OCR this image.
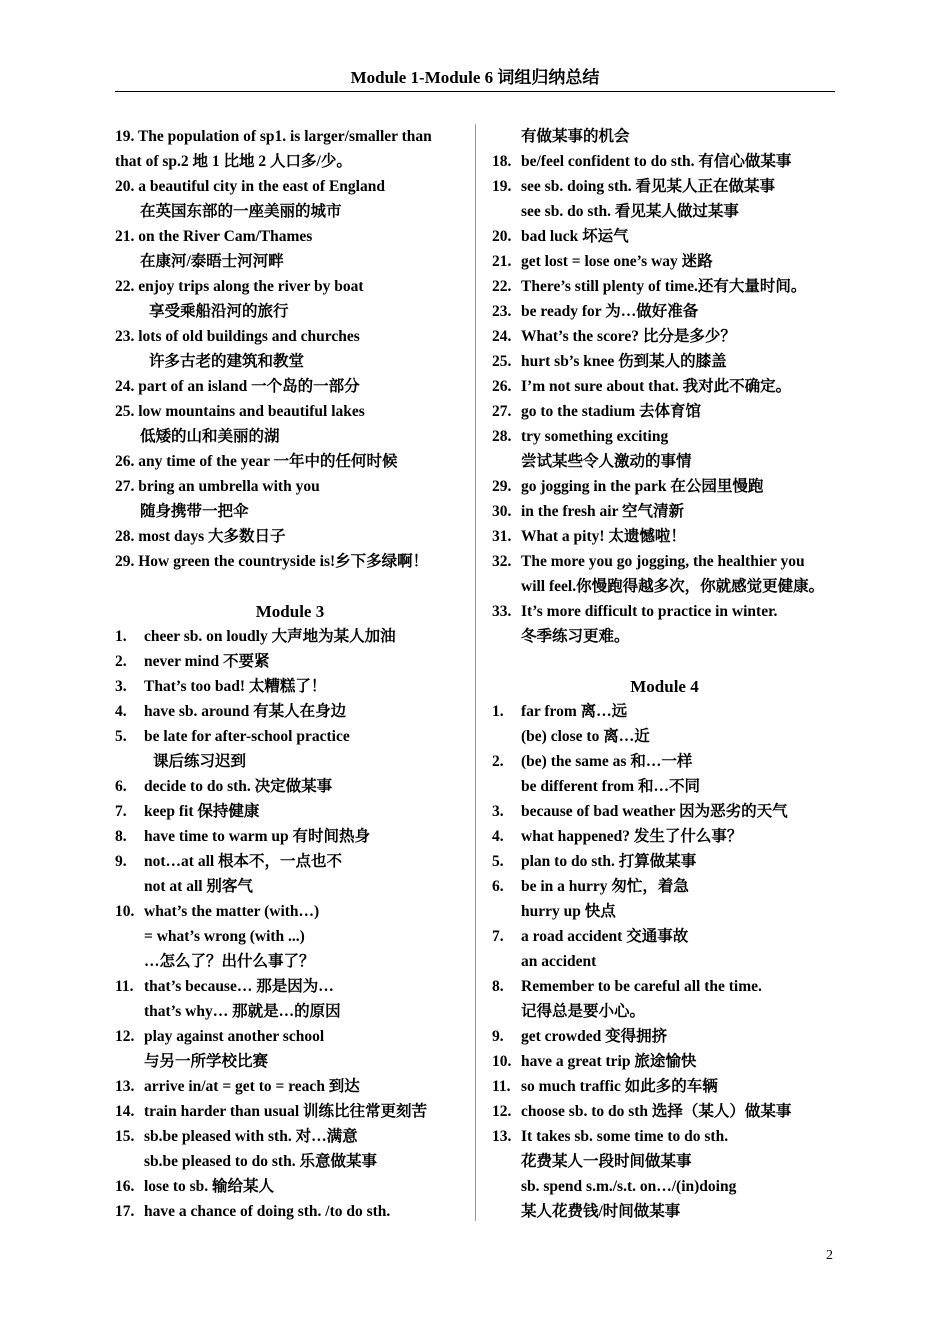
Module 1-Module 6 词组归纳总结
19. The population of sp1. is larger/smaller than
that of sp.2 地 1 比地 2 人口多/少。
20. a beautiful city in the east of England
在英国东部的一座美丽的城市
21. on the River Cam/Thames
在康河/泰晤士河河畔
22. enjoy trips along the river by boat
享受乘船沿河的旅行
23. lots of old buildings and churches
许多古老的建筑和教堂
24. part of an island 一个岛的一部分
25. low mountains and beautiful lakes
低矮的山和美丽的湖
26. any time of the year 一年中的任何时候
27. bring an umbrella with you
随身携带一把伞
28. most days 大多数日子
29. How green the countryside is!乡下多绿啊！
Module 3
1. cheer sb. on loudly 大声地为某人加油
2. never mind 不要紧
3. That’s too bad! 太糟糕了！
4. have sb. around 有某人在身边
5. be late for after-school practice
课后练习迟到
6. decide to do sth. 决定做某事
7. keep fit 保持健康
8. have time to warm up 有时间热身
9. not…at all 根本不，一点也不
not at all 别客气
10. what’s the matter (with…)
= what’s wrong (with ...)
…怎么了？出什么事了？
11. that’s because… 那是因为…
that’s why… 那就是…的原因
12. play against another school
与另一所学校比赛
13. arrive in/at = get to = reach 到达
14. train harder than usual 训练比往常更刻苦
15. sb.be pleased with sth. 对…满意
sb.be pleased to do sth. 乐意做某事
16. lose to sb. 输给某人
17. have a chance of doing sth. /to do sth.
有做某事的机会
18. be/feel confident to do sth. 有信心做某事
19. see sb. doing sth. 看见某人正在做某事
see sb. do sth. 看见某人做过某事
20. bad luck 坏运气
21. get lost = lose one’s way 迷路
22. There’s still plenty of time.还有大量时间。
23. be ready for 为…做好准备
24. What’s the score? 比分是多少？
25. hurt sb’s knee 伤到某人的膝盖
26. I’m not sure about that. 我对此不确定。
27. go to the stadium 去体育馆
28. try something exciting
尝试某些令人激动的事情
29. go jogging in the park 在公园里慢跑
30. in the fresh air 空气清新
31. What a pity! 太遗憾啦！
32. The more you go jogging, the healthier you
will feel.你慢跑得越多次，你就感觉更健康。
33. It’s more difficult to practice in winter.
冬季练习更难。
Module 4
1. far from 离…远
(be) close to 离…近
2. (be) the same as 和…一样
be different from 和…不同
3. because of bad weather 因为恶劣的天气
4. what happened? 发生了什么事？
5. plan to do sth. 打算做某事
6. be in a hurry 匆忙，着急
hurry up 快点
7. a road accident 交通事故
an accident
8. Remember to be careful all the time.
记得总是要小心。
9. get crowded 变得拥挤
10. have a great trip 旅途愉快
11. so much traffic 如此多的车辆
12. choose sb. to do sth 选择（某人）做某事
13. It takes sb. some time to do sth.
花费某人一段时间做某事
sb. spend s.m./s.t. on…/(in)doing
某人花费钱/时间做某事
2
